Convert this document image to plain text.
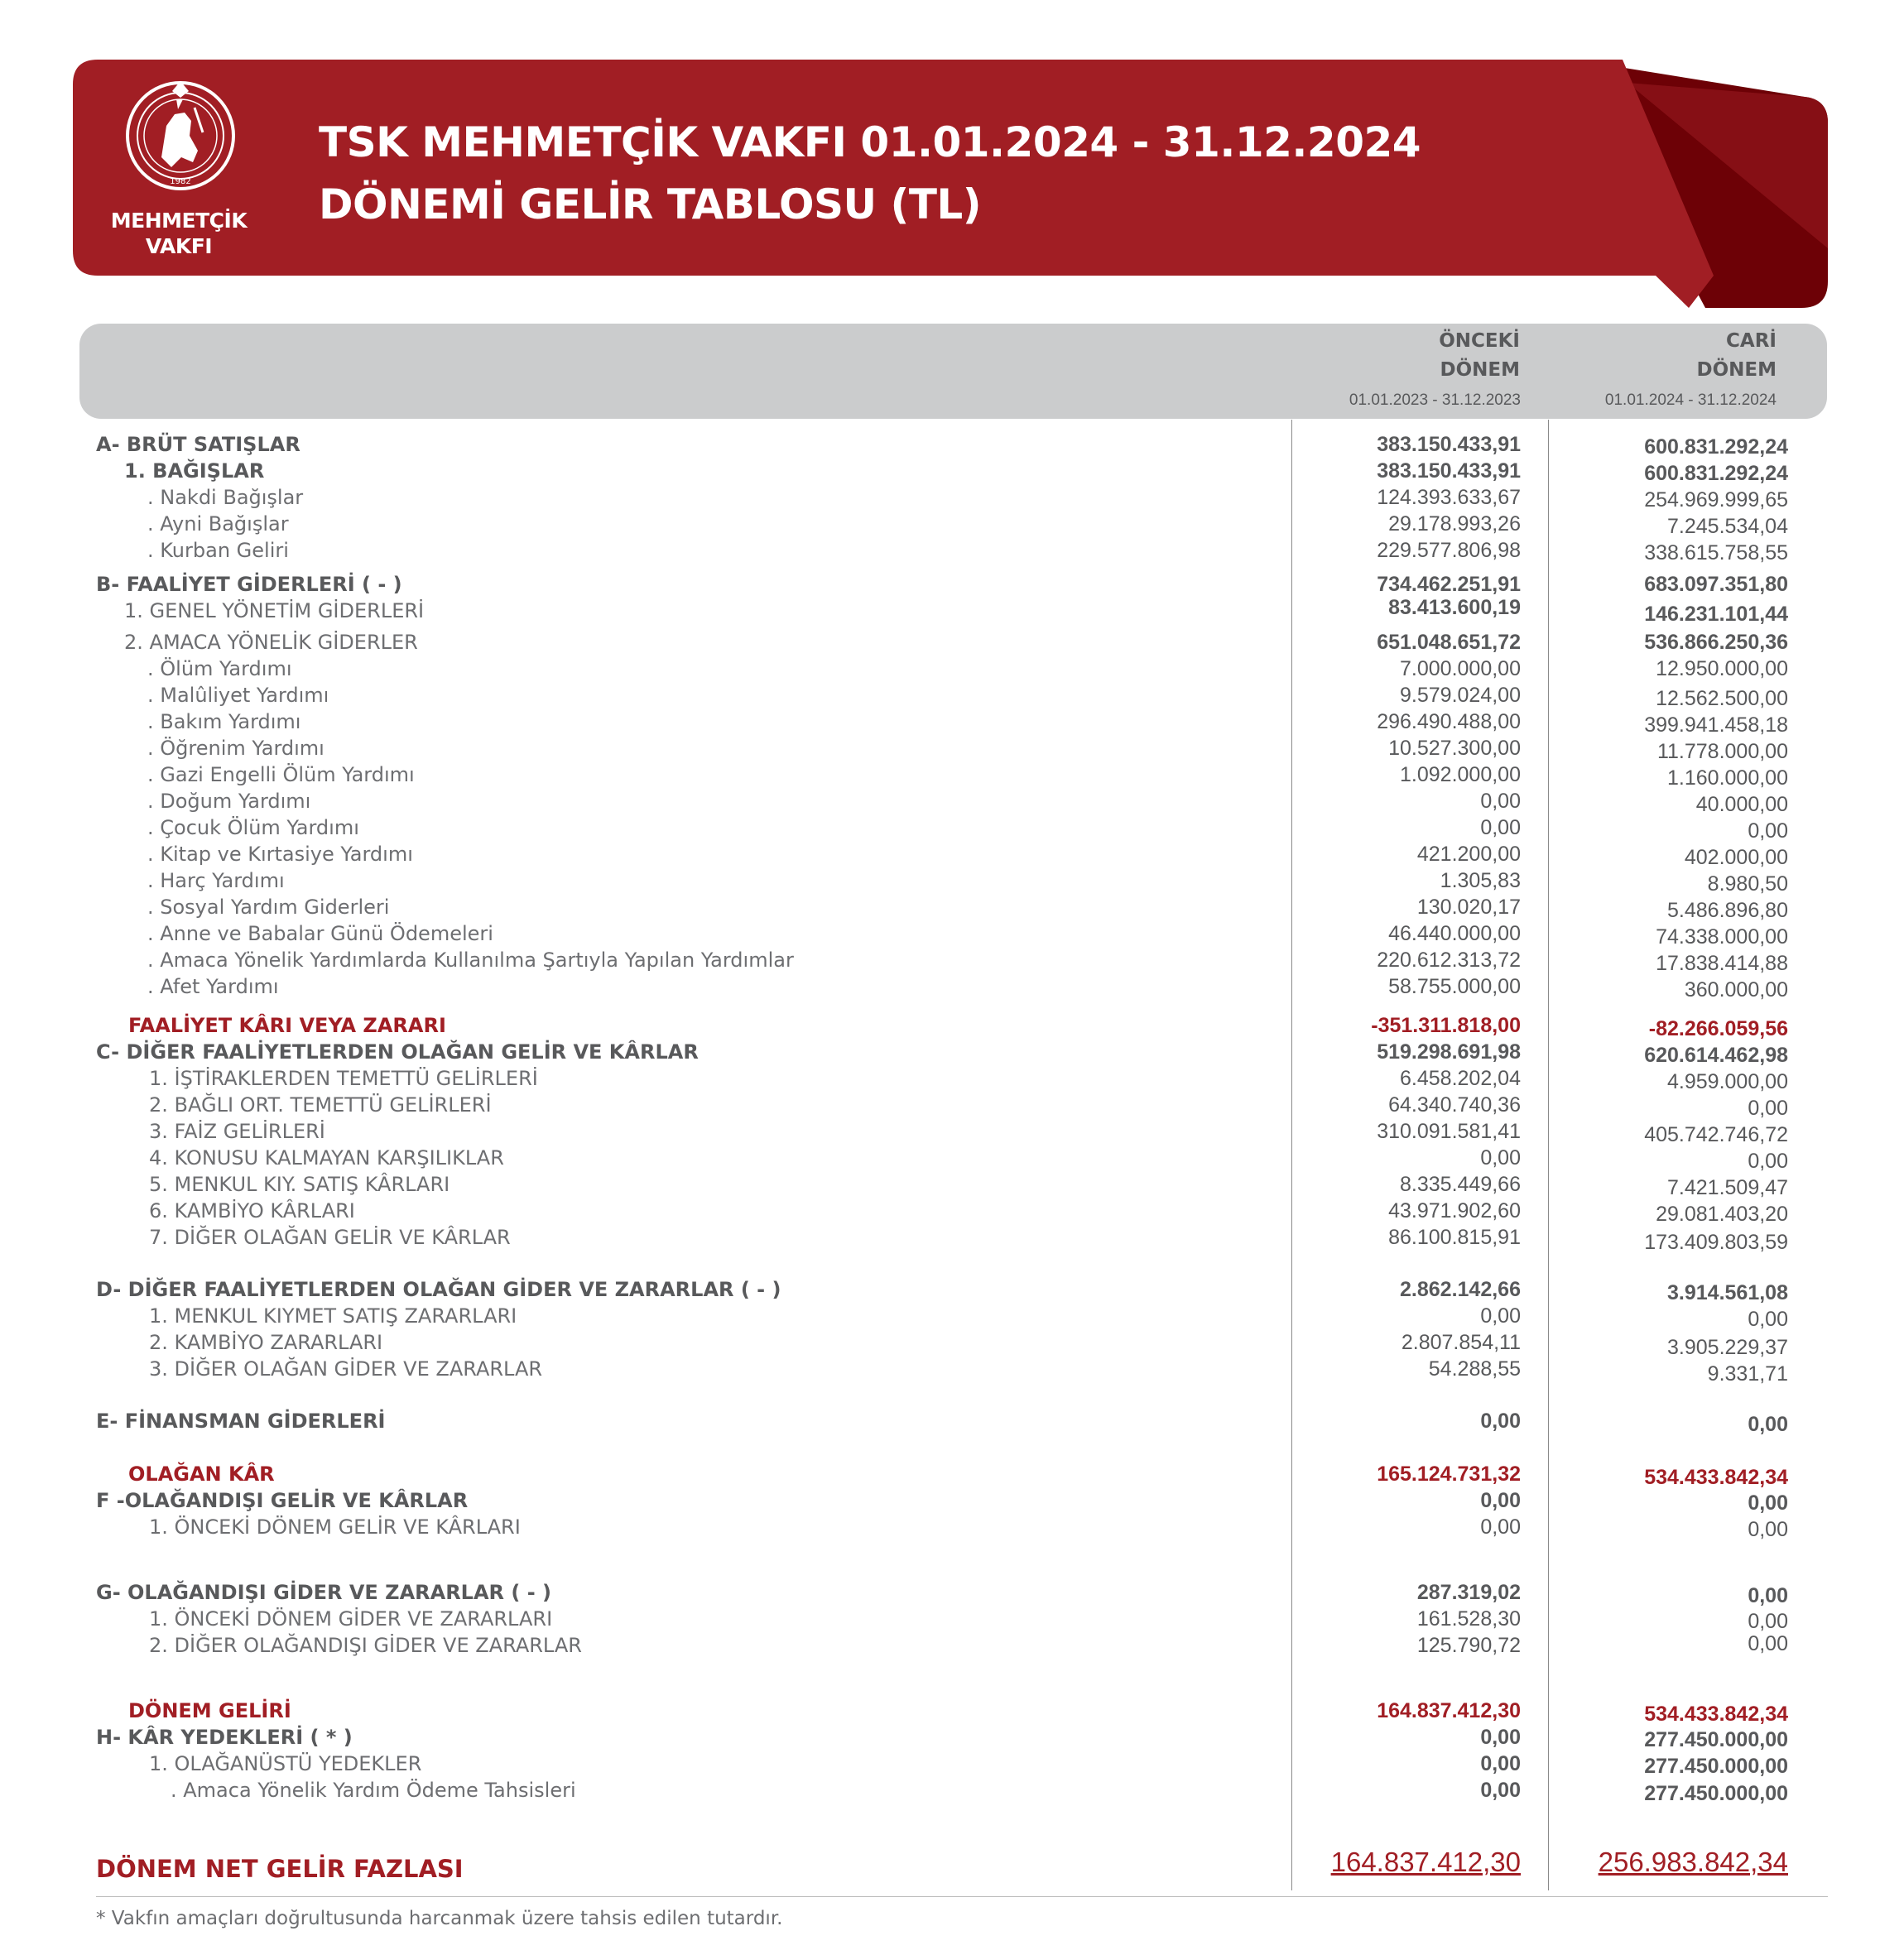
1982
MEHMETÇİK
VAKFI
TSK MEHMETÇİK VAKFI 01.01.2024 - 31.12.2024
DÖNEMİ GELİR TABLOSU (TL)
ÖNCEKİ
DÖNEM
01.01.2023 - 31.12.2023
CARİ
DÖNEM
01.01.2024 - 31.12.2024
A- BRÜT SATIŞLAR	383.150.433,91	600.831.292,24
1. BAĞIŞLAR	383.150.433,91	600.831.292,24
. Nakdi Bağışlar	124.393.633,67	254.969.999,65
. Ayni Bağışlar	29.178.993,26	7.245.534,04
. Kurban Geliri	229.577.806,98	338.615.758,55
B- FAALİYET GİDERLERİ ( - )	734.462.251,91	683.097.351,80
1. GENEL YÖNETİM GİDERLERİ	83.413.600,19	146.231.101,44
2. AMACA YÖNELİK GİDERLER	651.048.651,72	536.866.250,36
. Ölüm Yardımı	7.000.000,00	12.950.000,00
. Malûliyet Yardımı	9.579.024,00	12.562.500,00
. Bakım Yardımı	296.490.488,00	399.941.458,18
. Öğrenim Yardımı	10.527.300,00	11.778.000,00
. Gazi Engelli Ölüm Yardımı	1.092.000,00	1.160.000,00
. Doğum Yardımı	0,00	40.000,00
. Çocuk Ölüm Yardımı	0,00	0,00
. Kitap ve Kırtasiye Yardımı	421.200,00	402.000,00
. Harç Yardımı	1.305,83	8.980,50
. Sosyal Yardım Giderleri	130.020,17	5.486.896,80
. Anne ve Babalar Günü Ödemeleri	46.440.000,00	74.338.000,00
. Amaca Yönelik Yardımlarda Kullanılma Şartıyla Yapılan Yardımlar	220.612.313,72	17.838.414,88
. Afet Yardımı	58.755.000,00	360.000,00
FAALİYET KÂRI VEYA ZARARI	-351.311.818,00	-82.266.059,56
C- DİĞER FAALİYETLERDEN OLAĞAN GELİR VE KÂRLAR	519.298.691,98	620.614.462,98
1. İŞTİRAKLERDEN TEMETTÜ GELİRLERİ	6.458.202,04	4.959.000,00
2. BAĞLI ORT. TEMETTÜ GELİRLERİ	64.340.740,36	0,00
3. FAİZ GELİRLERİ	310.091.581,41	405.742.746,72
4. KONUSU KALMAYAN KARŞILIKLAR	0,00	0,00
5. MENKUL KIY. SATIŞ KÂRLARI	8.335.449,66	7.421.509,47
6. KAMBİYO KÂRLARI	43.971.902,60	29.081.403,20
7. DİĞER OLAĞAN GELİR VE KÂRLAR	86.100.815,91	173.409.803,59
D- DİĞER FAALİYETLERDEN OLAĞAN GİDER VE ZARARLAR ( - )	2.862.142,66	3.914.561,08
1. MENKUL KIYMET SATIŞ ZARARLARI	0,00	0,00
2. KAMBİYO ZARARLARI	2.807.854,11	3.905.229,37
3. DİĞER OLAĞAN GİDER VE ZARARLAR	54.288,55	9.331,71
E- FİNANSMAN GİDERLERİ	0,00	0,00
OLAĞAN KÂR	165.124.731,32	534.433.842,34
F -OLAĞANDIŞI GELİR VE KÂRLAR	0,00	0,00
1. ÖNCEKİ DÖNEM GELİR VE KÂRLARI	0,00	0,00
G- OLAĞANDIŞI GİDER VE ZARARLAR ( - )	287.319,02	0,00
1. ÖNCEKİ DÖNEM GİDER VE ZARARLARI	161.528,30	0,00
2. DİĞER OLAĞANDIŞI GİDER VE ZARARLAR	125.790,72	0,00
DÖNEM GELİRİ	164.837.412,30	534.433.842,34
H- KÂR YEDEKLERİ ( * )	0,00	277.450.000,00
1. OLAĞANÜSTÜ YEDEKLER	0,00	277.450.000,00
. Amaca Yönelik Yardım Ödeme Tahsisleri	0,00	277.450.000,00
DÖNEM NET GELİR FAZLASI	164.837.412,30	256.983.842,34
* Vakfın amaçları doğrultusunda harcanmak üzere tahsis edilen tutardır.
